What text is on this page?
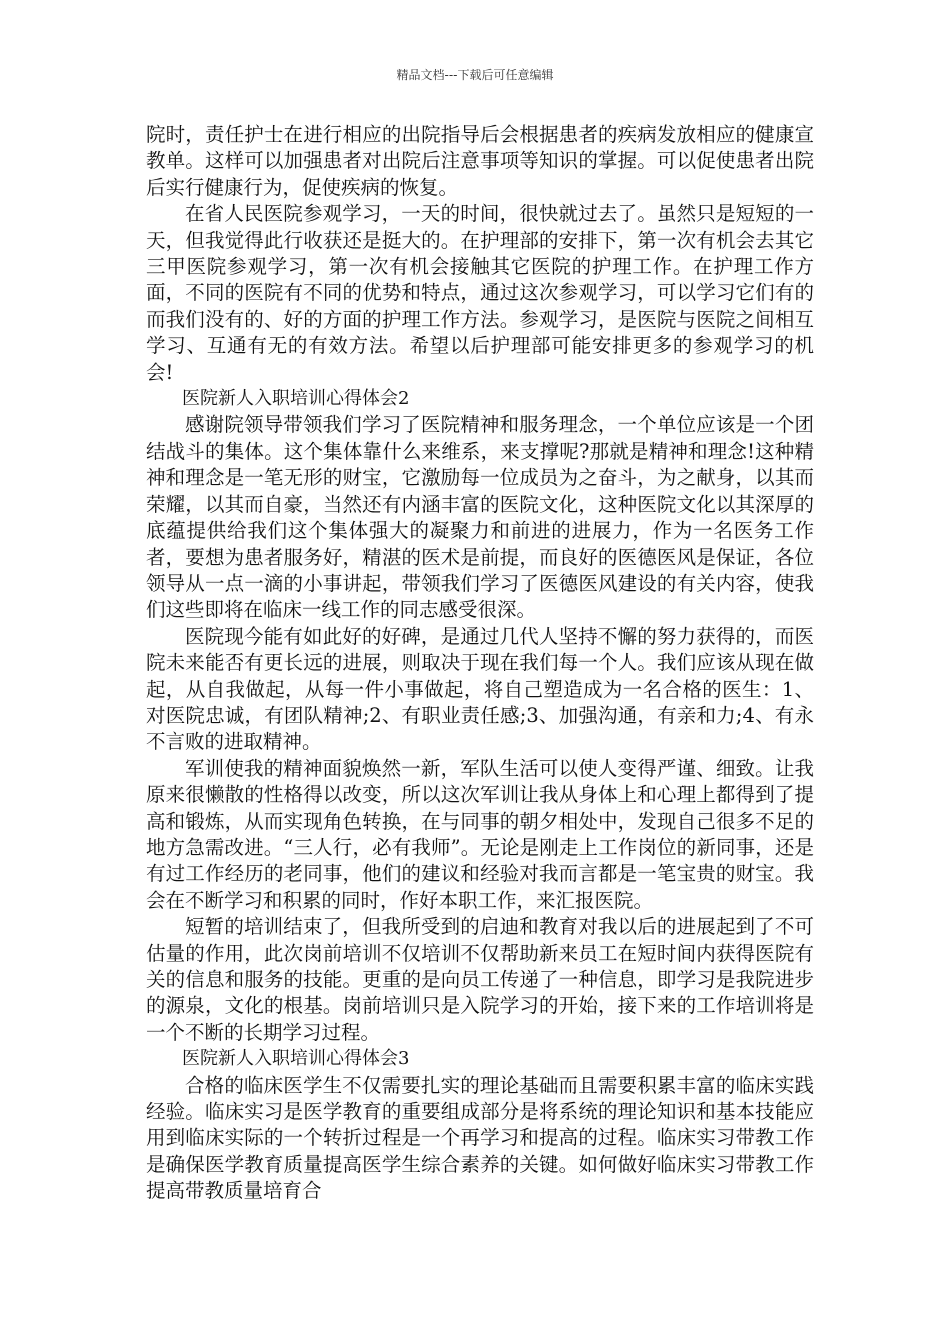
精品文档---下载后可任意编辑

院时，责任护士在进行相应的出院指导后会根据患者的疾病发放相应的健康宣教单。这样可以加强患者对出院后注意事项等知识的掌握。可以促使患者出院后实行健康行为，促使疾病的恢复。

在省人民医院参观学习，一天的时间，很快就过去了。虽然只是短短的一天，但我觉得此行收获还是挺大的。在护理部的安排下，第一次有机会去其它三甲医院参观学习，第一次有机会接触其它医院的护理工作。在护理工作方面，不同的医院有不同的优势和特点，通过这次参观学习，可以学习它们有的而我们没有的、好的方面的护理工作方法。参观学习，是医院与医院之间相互学习、互通有无的有效方法。希望以后护理部可能安排更多的参观学习的机会!

医院新人入职培训心得体会2

感谢院领导带领我们学习了医院精神和服务理念，一个单位应该是一个团结战斗的集体。这个集体靠什么来维系，来支撑呢?那就是精神和理念!这种精神和理念是一笔无形的财宝，它激励每一位成员为之奋斗，为之献身，以其而荣耀，以其而自豪，当然还有内涵丰富的医院文化，这种医院文化以其深厚的底蕴提供给我们这个集体强大的凝聚力和前进的进展力，作为一名医务工作者，要想为患者服务好，精湛的医术是前提，而良好的医德医风是保证，各位领导从一点一滴的小事讲起，带领我们学习了医德医风建设的有关内容，使我们这些即将在临床一线工作的同志感受很深。

医院现今能有如此好的好碑，是通过几代人坚持不懈的努力获得的，而医院未来能否有更长远的进展，则取决于现在我们每一个人。我们应该从现在做起，从自我做起，从每一件小事做起，将自己塑造成为一名合格的医生：1、对医院忠诚，有团队精神;2、有职业责任感;3、加强沟通，有亲和力;4、有永不言败的进取精神。

军训使我的精神面貌焕然一新，军队生活可以使人变得严谨、细致。让我原来很懒散的性格得以改变，所以这次军训让我从身体上和心理上都得到了提高和锻炼，从而实现角色转换，在与同事的朝夕相处中，发现自己很多不足的地方急需改进。“三人行，必有我师”。无论是刚走上工作岗位的新同事，还是有过工作经历的老同事，他们的建议和经验对我而言都是一笔宝贵的财宝。我会在不断学习和积累的同时，作好本职工作，来汇报医院。

短暂的培训结束了，但我所受到的启迪和教育对我以后的进展起到了不可估量的作用，此次岗前培训不仅培训不仅帮助新来员工在短时间内获得医院有关的信息和服务的技能。更重的是向员工传递了一种信息，即学习是我院进步的源泉，文化的根基。岗前培训只是入院学习的开始，接下来的工作培训将是一个不断的长期学习过程。

医院新人入职培训心得体会3

合格的临床医学生不仅需要扎实的理论基础而且需要积累丰富的临床实践经验。临床实习是医学教育的重要组成部分是将系统的理论知识和基本技能应用到临床实际的一个转折过程是一个再学习和提高的过程。临床实习带教工作是确保医学教育质量提高医学生综合素养的关键。如何做好临床实习带教工作提高带教质量培育合
